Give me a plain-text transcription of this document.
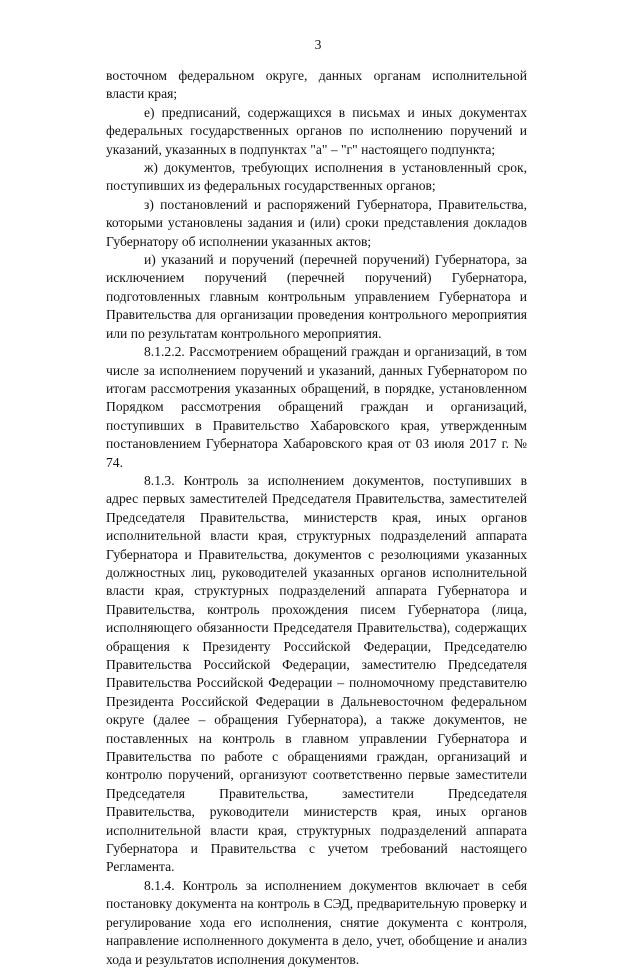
3

восточном федеральном округе, данных органам исполнительной власти края;

е) предписаний, содержащихся в письмах и иных документах федеральных государственных органов по исполнению поручений и указаний, указанных в подпунктах "а" – "г" настоящего подпункта;

ж) документов, требующих исполнения в установленный срок, поступивших из федеральных государственных органов;

з) постановлений и распоряжений Губернатора, Правительства, которыми установлены задания и (или) сроки представления докладов Губернатору об исполнении указанных актов;

и) указаний и поручений (перечней поручений) Губернатора, за исключением поручений (перечней поручений) Губернатора, подготовленных главным контрольным управлением Губернатора и Правительства для организации проведения контрольного мероприятия или по результатам контрольного мероприятия.

8.1.2.2. Рассмотрением обращений граждан и организаций, в том числе за исполнением поручений и указаний, данных Губернатором по итогам рассмотрения указанных обращений, в порядке, установленном Порядком рассмотрения обращений граждан и организаций, поступивших в Правительство Хабаровского края, утвержденным постановлением Губернатора Хабаровского края от 03 июля 2017 г. № 74.

8.1.3. Контроль за исполнением документов, поступивших в адрес первых заместителей Председателя Правительства, заместителей Председателя Правительства, министерств края, иных органов исполнительной власти края, структурных подразделений аппарата Губернатора и Правительства, документов с резолюциями указанных должностных лиц, руководителей указанных органов исполнительной власти края, структурных подразделений аппарата Губернатора и Правительства, контроль прохождения писем Губернатора (лица, исполняющего обязанности Председателя Правительства), содержащих обращения к Президенту Российской Федерации, Председателю Правительства Российской Федерации, заместителю Председателя Правительства Российской Федерации – полномочному представителю Президента Российской Федерации в Дальневосточном федеральном округе (далее – обращения Губернатора), а также документов, не поставленных на контроль в главном управлении Губернатора и Правительства по работе с обращениями граждан, организаций и контролю поручений, организуют соответственно первые заместители Председателя Правительства, заместители Председателя Правительства, руководители министерств края, иных органов исполнительной власти края, структурных подразделений аппарата Губернатора и Правительства с учетом требований настоящего Регламента.

8.1.4. Контроль за исполнением документов включает в себя постановку документа на контроль в СЭД, предварительную проверку и регулирование хода его исполнения, снятие документа с контроля, направление исполненного документа в дело, учет, обобщение и анализ хода и результатов исполнения документов.
